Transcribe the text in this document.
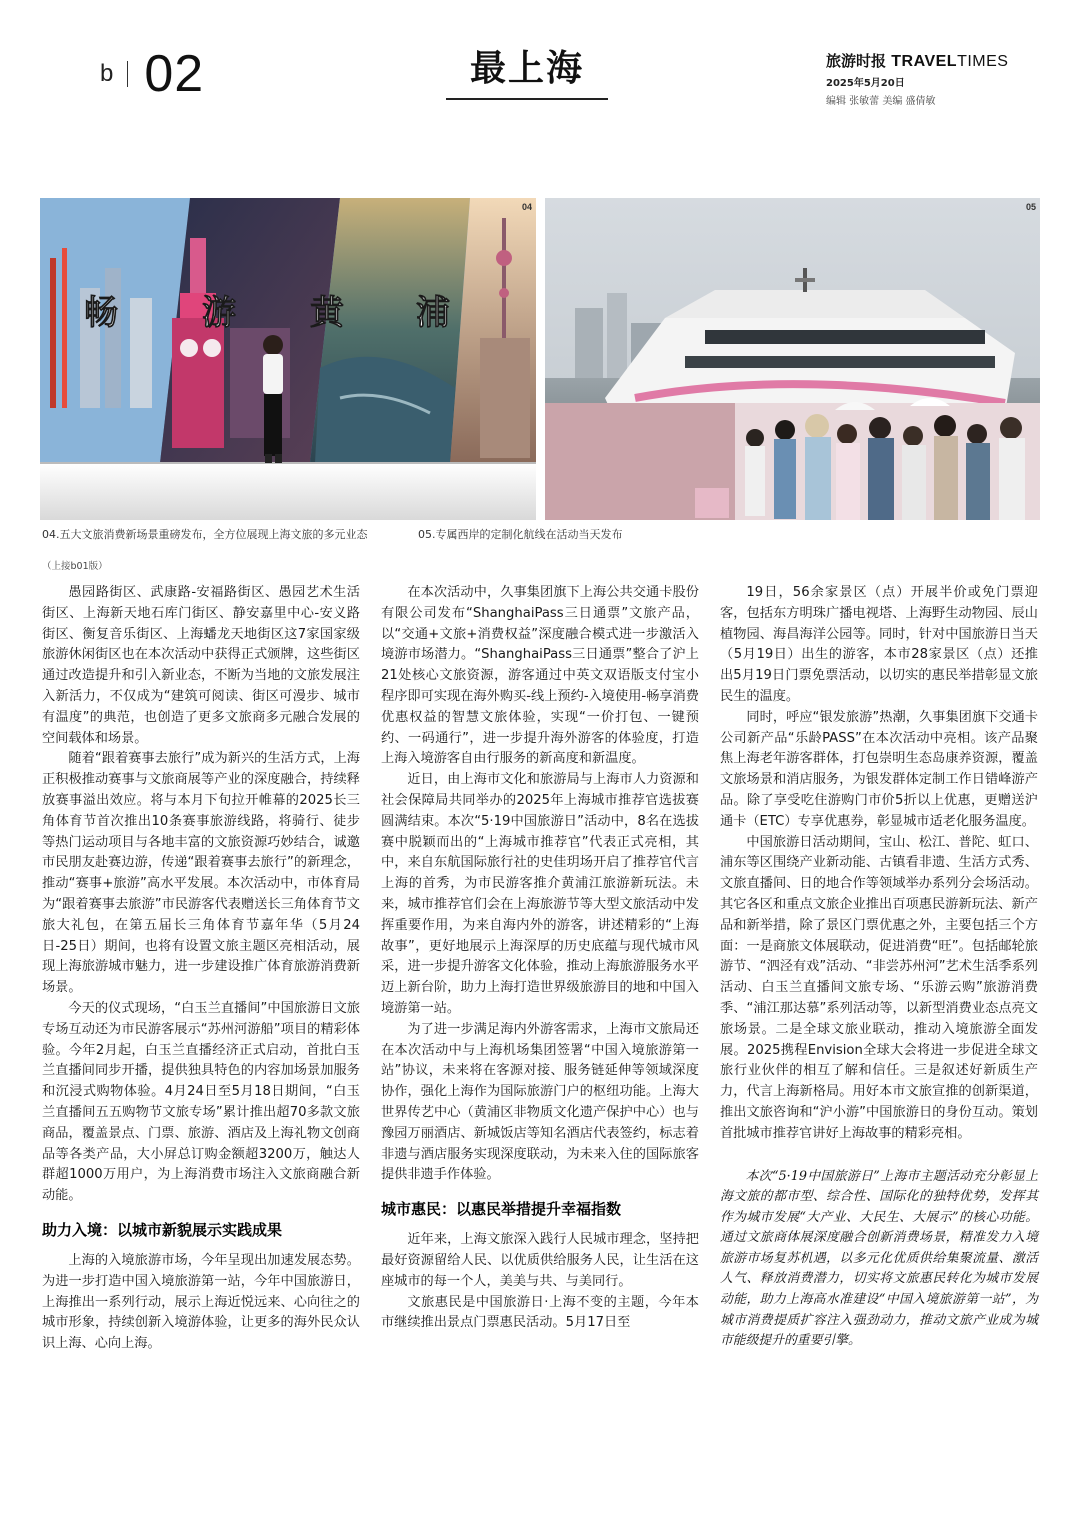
b 02	最上海	旅游时报 TRAVELTIMES
2025年5月20日
编辑 张敏蕾 美编 盛倩敏
畅 游 黄 浦
04	05
04.五大文旅消费新场景重磅发布，全方位展现上海文旅的多元业态	05.专属西岸的定制化航线在活动当天发布
（上接b01版）

愚园路街区、武康路-安福路街区、愚园艺术生活街区、上海新天地石库门街区、静安嘉里中心-安义路街区、衡复音乐街区、上海蟠龙天地街区这7家国家级旅游休闲街区也在本次活动中获得正式颁牌，这些街区通过改造提升和引入新业态，不断为当地的文旅发展注入新活力，不仅成为“建筑可阅读、街区可漫步、城市有温度”的典范，也创造了更多文旅商多元融合发展的空间载体和场景。

随着“跟着赛事去旅行”成为新兴的生活方式，上海正积极推动赛事与文旅商展等产业的深度融合，持续释放赛事溢出效应。将与本月下旬拉开帷幕的2025长三角体育节首次推出10条赛事旅游线路，将骑行、徒步等热门运动项目与各地丰富的文旅资源巧妙结合，诚邀市民朋友赴赛边游，传递“跟着赛事去旅行”的新理念，推动“赛事+旅游”高水平发展。本次活动中，市体育局为“跟着赛事去旅游”市民游客代表赠送长三角体育节文旅大礼包，在第五届长三角体育节嘉年华（5月24日-25日）期间，也将有设置文旅主题区亮相活动，展现上海旅游城市魅力，进一步建设推广体育旅游消费新场景。

今天的仪式现场，“白玉兰直播间”中国旅游日文旅专场互动还为市民游客展示“苏州河游船”项目的精彩体验。今年2月起，白玉兰直播经济正式启动，首批白玉兰直播间同步开播，提供独具特色的内容加场景加服务和沉浸式购物体验。4月24日至5月18日期间，“白玉兰直播间五五购物节文旅专场”累计推出超70多款文旅商品，覆盖景点、门票、旅游、酒店及上海礼物文创商品等各类产品，大小屏总订购金额超3200万，触达人群超1000万用户，为上海消费市场注入文旅商融合新动能。

助力入境：以城市新貌展示实践成果

上海的入境旅游市场，今年呈现出加速发展态势。为进一步打造中国入境旅游第一站，今年中国旅游日，上海推出一系列行动，展示上海近悦远来、心向往之的城市形象，持续创新入境游体验，让更多的海外民众认识上海、心向上海。

在本次活动中，久事集团旗下上海公共交通卡股份有限公司发布“ShanghaiPass三日通票”文旅产品，以“交通+文旅+消费权益”深度融合模式进一步激活入境游市场潜力。“ShanghaiPass三日通票”整合了沪上21处核心文旅资源，游客通过中英文双语版支付宝小程序即可实现在海外购买-线上预约-入境使用-畅享消费优惠权益的智慧文旅体验，实现“一价打包、一键预约、一码通行”，进一步提升海外游客的体验度，打造上海入境游客自由行服务的新高度和新温度。

近日，由上海市文化和旅游局与上海市人力资源和社会保障局共同举办的2025年上海城市推荐官选拔赛圆满结束。本次“5·19中国旅游日”活动中，8名在选拔赛中脱颖而出的“上海城市推荐官”代表正式亮相，其中，来自东航国际旅行社的史佳玥场开启了推荐官代言上海的首秀，为市民游客推介黄浦江旅游新玩法。未来，城市推荐官们会在上海旅游节等大型文旅活动中发挥重要作用，为来自海内外的游客，讲述精彩的“上海故事”，更好地展示上海深厚的历史底蕴与现代城市风采，进一步提升游客文化体验，推动上海旅游服务水平迈上新台阶，助力上海打造世界级旅游目的地和中国入境游第一站。

为了进一步满足海内外游客需求，上海市文旅局还在本次活动中与上海机场集团签署“中国入境旅游第一站”协议，未来将在客源对接、服务链延伸等领域深度协作，强化上海作为国际旅游门户的枢纽功能。上海大世界传艺中心（黄浦区非物质文化遗产保护中心）也与豫园万丽酒店、新城饭店等知名酒店代表签约，标志着非遗与酒店服务实现深度联动，为未来入住的国际旅客提供非遗手作体验。

城市惠民：以惠民举措提升幸福指数

近年来，上海文旅深入践行人民城市理念，坚持把最好资源留给人民、以优质供给服务人民，让生活在这座城市的每一个人，美美与共、与美同行。

文旅惠民是中国旅游日·上海不变的主题，今年本市继续推出景点门票惠民活动。5月17日至

19日，56余家景区（点）开展半价或免门票迎客，包括东方明珠广播电视塔、上海野生动物园、辰山植物园、海昌海洋公园等。同时，针对中国旅游日当天（5月19日）出生的游客，本市28家景区（点）还推出5月19日门票免票活动，以切实的惠民举措彰显文旅民生的温度。

同时，呼应“银发旅游”热潮，久事集团旗下交通卡公司新产品“乐龄PASS”在本次活动中亮相。该产品聚焦上海老年游客群体，打包崇明生态岛康养资源，覆盖文旅场景和消店服务，为银发群体定制工作日错峰游产品。除了享受吃住游购门市价5折以上优惠，更赠送沪通卡（ETC）专享优惠券，彰显城市适老化服务温度。

中国旅游日活动期间，宝山、松江、普陀、虹口、浦东等区围绕产业新动能、古镇看非遗、生活方式秀、文旅直播间、日的地合作等领域举办系列分会场活动。其它各区和重点文旅企业推出百项惠民游新玩法、新产品和新举措，除了景区门票优惠之外，主要包括三个方面：一是商旅文体展联动，促进消费“旺”。包括邮轮旅游节、“泗泾有戏”活动、“非尝苏州河”艺术生活季系列活动、白玉兰直播间文旅专场、“乐游云购”旅游消费季、“浦江那达慕”系列活动等，以新型消费业态点亮文旅场景。二是全球文旅业联动，推动入境旅游全面发展。2025携程Envision全球大会将进一步促进全球文旅行业伙伴的相互了解和信任。三是叙述好新质生产力，代言上海新格局。用好本市文旅宣推的创新渠道，推出文旅咨询和“沪小游”中国旅游日的身份互动。策划首批城市推荐官讲好上海故事的精彩亮相。

本次“5·19中国旅游日”上海市主题活动充分彰显上海文旅的都市型、综合性、国际化的独特优势，发挥其作为城市发展“大产业、大民生、大展示”的核心功能。通过文旅商体展深度融合创新消费场景，精准发力入境旅游市场复苏机遇，以多元化优质供给集聚流量、激活人气、释放消费潜力，切实将文旅惠民转化为城市发展动能，助力上海高水准建设“中国入境旅游第一站”，为城市消费提质扩容注入强劲动力，推动文旅产业成为城市能级提升的重要引擎。
